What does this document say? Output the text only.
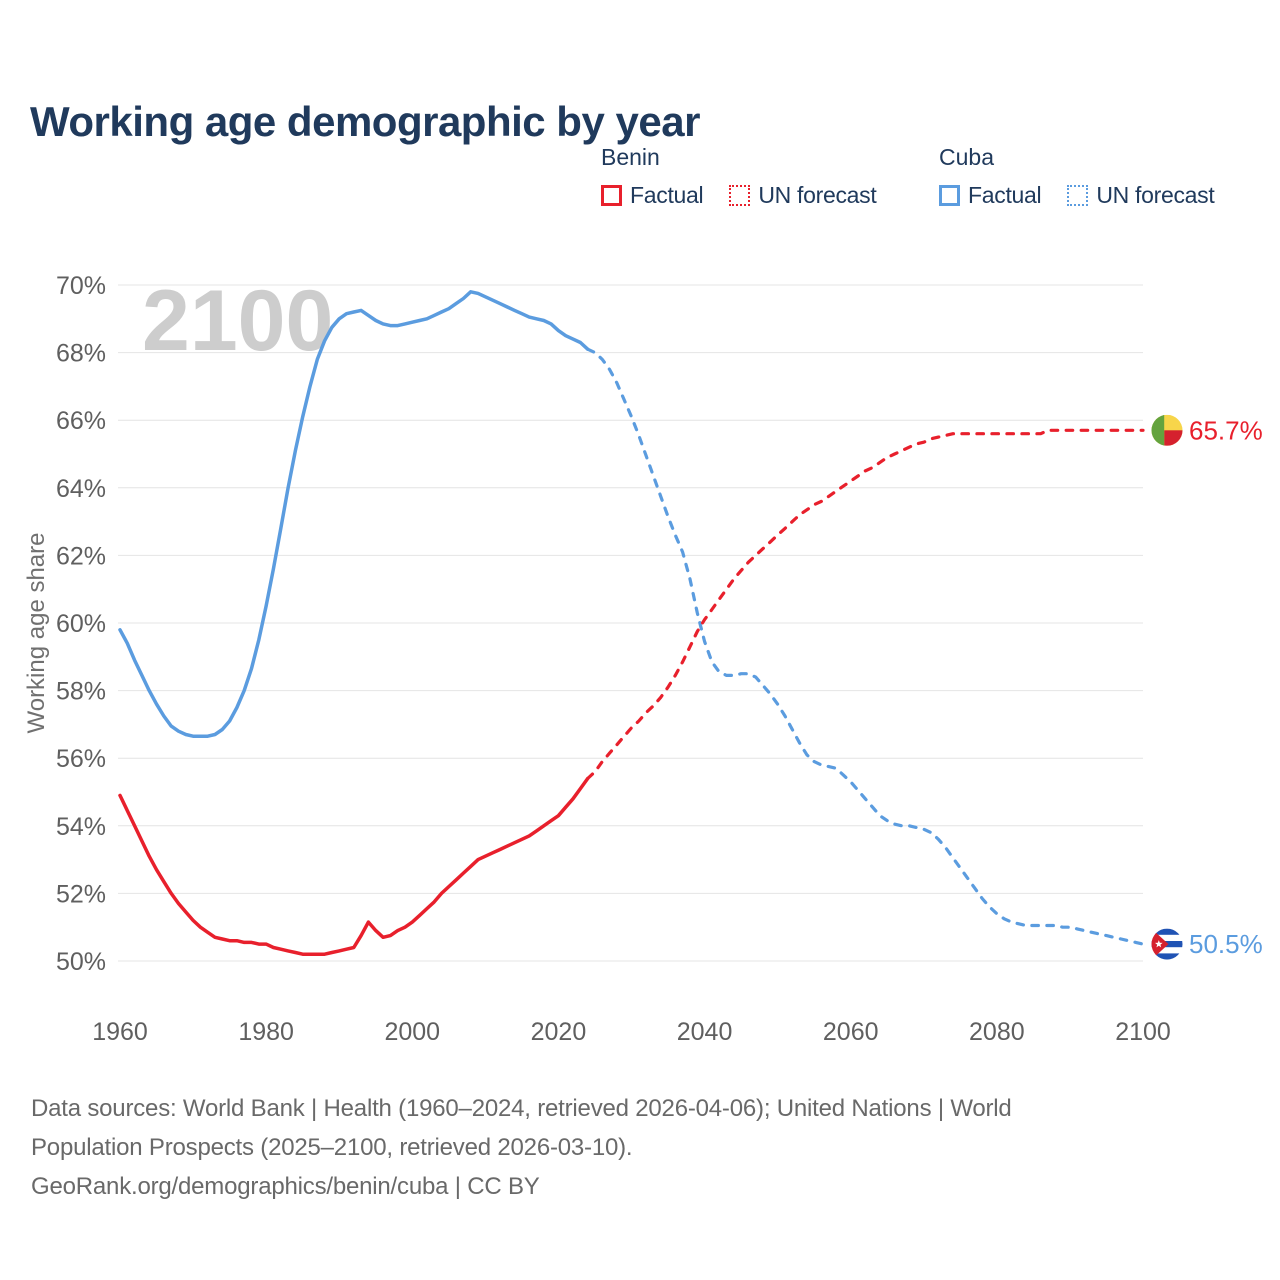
Working age demographic by year
Benin
Factual UN forecast
Cuba
Factual UN forecast
2100
70%
68%
66%
64%
62%
60%
58%
56%
54%
52%
50%
1960	1980	2000	2020	2040	2060	2080	2100
Working age share
65.7%
50.5%
Data sources: World Bank | Health (1960–2024, retrieved 2026-04-06); United Nations | World
Population Prospects (2025–2100, retrieved 2026-03-10).
GeoRank.org/demographics/benin/cuba | CC BY
